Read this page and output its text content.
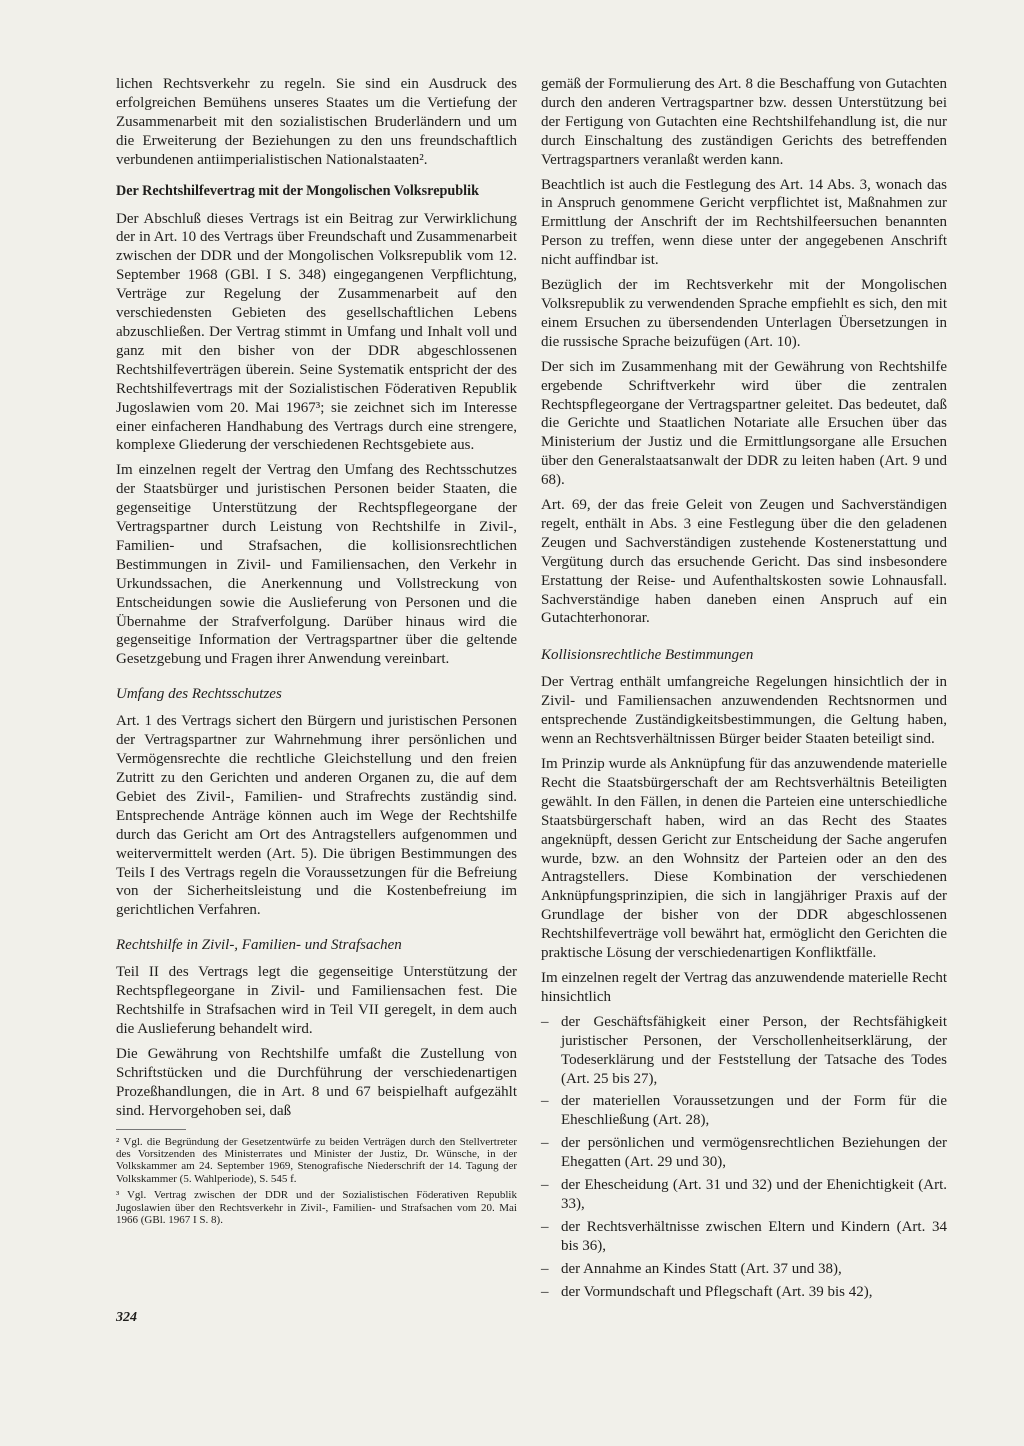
lichen Rechtsverkehr zu regeln. Sie sind ein Ausdruck des erfolgreichen Bemühens unseres Staates um die Vertiefung der Zusammenarbeit mit den sozialistischen Bruderländern und um die Erweiterung der Beziehungen zu den uns freundschaftlich verbundenen antiimperialistischen Nationalstaaten².

Der Rechtshilfevertrag mit der Mongolischen Volksrepublik

Der Abschluß dieses Vertrags ist ein Beitrag zur Verwirklichung der in Art. 10 des Vertrags über Freundschaft und Zusammenarbeit zwischen der DDR und der Mongolischen Volksrepublik vom 12. September 1968 (GBl. I S. 348) eingegangenen Verpflichtung, Verträge zur Regelung der Zusammenarbeit auf den verschiedensten Gebieten des gesellschaftlichen Lebens abzuschließen. Der Vertrag stimmt in Umfang und Inhalt voll und ganz mit den bisher von der DDR abgeschlossenen Rechtshilfeverträgen überein. Seine Systematik entspricht der des Rechtshilfevertrags mit der Sozialistischen Föderativen Republik Jugoslawien vom 20. Mai 1967³; sie zeichnet sich im Interesse einer einfacheren Handhabung des Vertrags durch eine strengere, komplexe Gliederung der verschiedenen Rechtsgebiete aus.

Im einzelnen regelt der Vertrag den Umfang des Rechtsschutzes der Staatsbürger und juristischen Personen beider Staaten, die gegenseitige Unterstützung der Rechtspflegeorgane der Vertragspartner durch Leistung von Rechtshilfe in Zivil-, Familien- und Strafsachen, die kollisionsrechtlichen Bestimmungen in Zivil- und Familiensachen, den Verkehr in Urkundssachen, die Anerkennung und Vollstreckung von Entscheidungen sowie die Auslieferung von Personen und die Übernahme der Strafverfolgung. Darüber hinaus wird die gegenseitige Information der Vertragspartner über die geltende Gesetzgebung und Fragen ihrer Anwendung vereinbart.

Umfang des Rechtsschutzes

Art. 1 des Vertrags sichert den Bürgern und juristischen Personen der Vertragspartner zur Wahrnehmung ihrer persönlichen und Vermögensrechte die rechtliche Gleichstellung und den freien Zutritt zu den Gerichten und anderen Organen zu, die auf dem Gebiet des Zivil-, Familien- und Strafrechts zuständig sind. Entsprechende Anträge können auch im Wege der Rechtshilfe durch das Gericht am Ort des Antragstellers aufgenommen und weitervermittelt werden (Art. 5). Die übrigen Bestimmungen des Teils I des Vertrags regeln die Voraussetzungen für die Befreiung von der Sicherheitsleistung und die Kostenbefreiung im gerichtlichen Verfahren.

Rechtshilfe in Zivil-, Familien- und Strafsachen

Teil II des Vertrags legt die gegenseitige Unterstützung der Rechtspflegeorgane in Zivil- und Familiensachen fest. Die Rechtshilfe in Strafsachen wird in Teil VII geregelt, in dem auch die Auslieferung behandelt wird.

Die Gewährung von Rechtshilfe umfaßt die Zustellung von Schriftstücken und die Durchführung der verschiedenartigen Prozeßhandlungen, die in Art. 8 und 67 beispielhaft aufgezählt sind. Hervorgehoben sei, daß

² Vgl. die Begründung der Gesetzentwürfe zu beiden Verträgen durch den Stellvertreter des Vorsitzenden des Ministerrates und Minister der Justiz, Dr. Wünsche, in der Volkskammer am 24. September 1969, Stenografische Niederschrift der 14. Tagung der Volkskammer (5. Wahlperiode), S. 545 f.

³ Vgl. Vertrag zwischen der DDR und der Sozialistischen Föderativen Republik Jugoslawien über den Rechtsverkehr in Zivil-, Familien- und Strafsachen vom 20. Mai 1966 (GBl. 1967 I S. 8).

gemäß der Formulierung des Art. 8 die Beschaffung von Gutachten durch den anderen Vertragspartner bzw. dessen Unterstützung bei der Fertigung von Gutachten eine Rechtshilfehandlung ist, die nur durch Einschaltung des zuständigen Gerichts des betreffenden Vertragspartners veranlaßt werden kann.

Beachtlich ist auch die Festlegung des Art. 14 Abs. 3, wonach das in Anspruch genommene Gericht verpflichtet ist, Maßnahmen zur Ermittlung der Anschrift der im Rechtshilfeersuchen benannten Person zu treffen, wenn diese unter der angegebenen Anschrift nicht auffindbar ist.

Bezüglich der im Rechtsverkehr mit der Mongolischen Volksrepublik zu verwendenden Sprache empfiehlt es sich, den mit einem Ersuchen zu übersendenden Unterlagen Übersetzungen in die russische Sprache beizufügen (Art. 10).

Der sich im Zusammenhang mit der Gewährung von Rechtshilfe ergebende Schriftverkehr wird über die zentralen Rechtspflegeorgane der Vertragspartner geleitet. Das bedeutet, daß die Gerichte und Staatlichen Notariate alle Ersuchen über das Ministerium der Justiz und die Ermittlungsorgane alle Ersuchen über den Generalstaatsanwalt der DDR zu leiten haben (Art. 9 und 68).

Art. 69, der das freie Geleit von Zeugen und Sachverständigen regelt, enthält in Abs. 3 eine Festlegung über die den geladenen Zeugen und Sachverständigen zustehende Kostenerstattung und Vergütung durch das ersuchende Gericht. Das sind insbesondere Erstattung der Reise- und Aufenthaltskosten sowie Lohnausfall. Sachverständige haben daneben einen Anspruch auf ein Gutachterhonorar.

Kollisionsrechtliche Bestimmungen

Der Vertrag enthält umfangreiche Regelungen hinsichtlich der in Zivil- und Familiensachen anzuwendenden Rechtsnormen und entsprechende Zuständigkeitsbestimmungen, die Geltung haben, wenn an Rechtsverhältnissen Bürger beider Staaten beteiligt sind.

Im Prinzip wurde als Anknüpfung für das anzuwendende materielle Recht die Staatsbürgerschaft der am Rechtsverhältnis Beteiligten gewählt. In den Fällen, in denen die Parteien eine unterschiedliche Staatsbürgerschaft haben, wird an das Recht des Staates angeknüpft, dessen Gericht zur Entscheidung der Sache angerufen wurde, bzw. an den Wohnsitz der Parteien oder an den des Antragstellers. Diese Kombination der verschiedenen Anknüpfungsprinzipien, die sich in langjähriger Praxis auf der Grundlage der bisher von der DDR abgeschlossenen Rechtshilfeverträge voll bewährt hat, ermöglicht den Gerichten die praktische Lösung der verschiedenartigen Konfliktfälle.

Im einzelnen regelt der Vertrag das anzuwendende materielle Recht hinsichtlich

– der Geschäftsfähigkeit einer Person, der Rechtsfähigkeit juristischer Personen, der Verschollenheitserklärung, der Todeserklärung und der Feststellung der Tatsache des Todes (Art. 25 bis 27),
– der materiellen Voraussetzungen und der Form für die Eheschließung (Art. 28),
– der persönlichen und vermögensrechtlichen Beziehungen der Ehegatten (Art. 29 und 30),
– der Ehescheidung (Art. 31 und 32) und der Ehenichtigkeit (Art. 33),
– der Rechtsverhältnisse zwischen Eltern und Kindern (Art. 34 bis 36),
– der Annahme an Kindes Statt (Art. 37 und 38),
– der Vormundschaft und Pflegschaft (Art. 39 bis 42),
324
